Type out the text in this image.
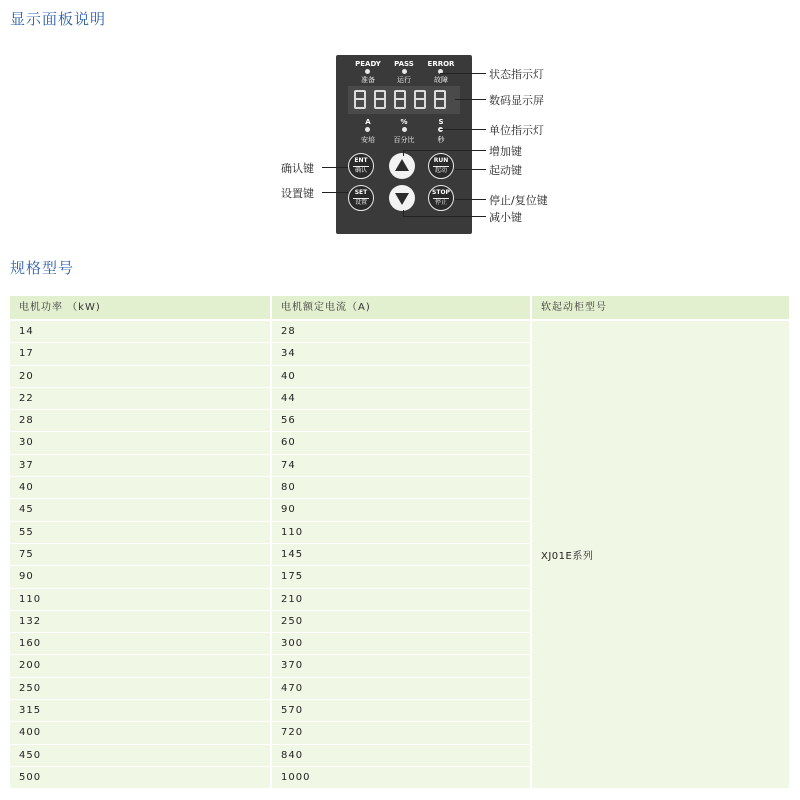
显示面板说明
PEADY	PASS	ERROR
准备	运行	故障
A	%	S
安培	百分比	秒
ENT
确认
RUN
起动
SET
设置
STOP
停止
状态指示灯
数码显示屏
单位指示灯
增加键
起动键
停止/复位键
减小键
确认键
设置键
规格型号
电机功率 （kW)	电机额定电流（A)	软起动柜型号
14	28
17	34
20	40
22	44
28	56
30	60
37	74
40	80
45	90
55	110
75	145
90	175
110	210
132	250
160	300
200	370
250	470
315	570
400	720
450	840
500	1000
XJ01E系列
